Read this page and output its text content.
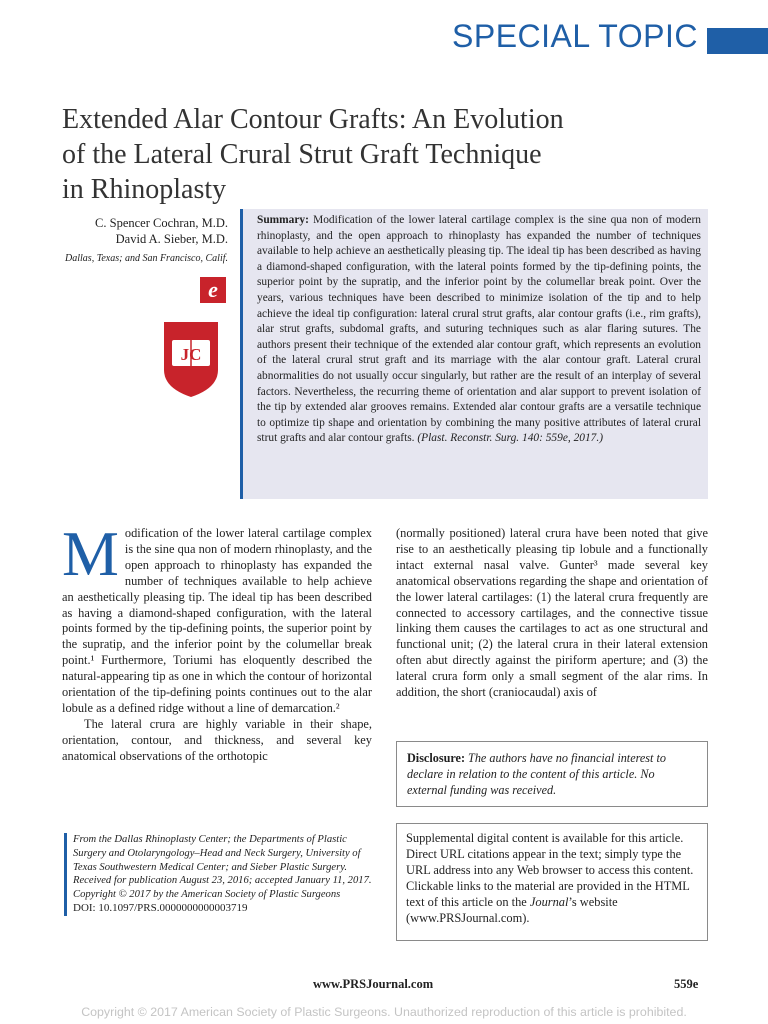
SPECIAL TOPIC
Extended Alar Contour Grafts: An Evolution
of the Lateral Crural Strut Graft Technique
in Rhinoplasty
C. Spencer Cochran, M.D.
David A. Sieber, M.D.
Dallas, Texas; and San Francisco, Calif.
e
JC
Summary: Modification of the lower lateral cartilage complex is the sine qua non of modern rhinoplasty, and the open approach to rhinoplasty has expanded the number of techniques available to help achieve an aesthetically pleasing tip. The ideal tip has been described as having a diamond-shaped configuration, with the lateral points formed by the tip-defining points, the superior point by the supratip, and the inferior point by the columellar break point. Over the years, various techniques have been described to minimize isolation of the tip and to help achieve the ideal tip configuration: lateral crural strut grafts, alar contour grafts (i.e., rim grafts), alar strut grafts, subdomal grafts, and suturing techniques such as alar flaring sutures. The authors present their technique of the extended alar contour graft, which represents an evolution of the lateral crural strut graft and its marriage with the alar contour graft. Lateral crural abnormalities do not usually occur singularly, but rather are the result of an interplay of several factors. Nevertheless, the recurring theme of orientation and alar support to prevent isolation of the tip by extended alar grooves remains. Extended alar contour grafts are a versatile technique to optimize tip shape and orientation by combining the many positive attributes of lateral crural strut grafts and alar contour grafts. (Plast. Reconstr. Surg. 140: 559e, 2017.)

Modification of the lower lateral cartilage complex is the sine qua non of modern rhinoplasty, and the open approach to rhinoplasty has expanded the number of techniques available to help achieve an aesthetically pleasing tip. The ideal tip has been described as having a diamond-shaped configuration, with the lateral points formed by the tip-defining points, the superior point by the supratip, and the inferior point by the columellar break point.¹ Furthermore, Toriumi has eloquently described the natural-appearing tip as one in which the contour of horizontal orientation of the tip-defining points continues out to the alar lobule as a defined ridge without a line of demarcation.²

The lateral crura are highly variable in their shape, orientation, contour, and thickness, and several key anatomical observations of the orthotopic

(normally positioned) lateral crura have been noted that give rise to an aesthetically pleasing tip lobule and a functionally intact external nasal valve. Gunter³ made several key anatomical observations regarding the shape and orientation of the lower lateral cartilages: (1) the lateral crura frequently are connected to accessory cartilages, and the connective tissue linking them causes the cartilages to act as one structural and functional unit; (2) the lateral crura in their lateral extension often abut directly against the piriform aperture; and (3) the lateral crura form only a small segment of the alar rims. In addition, the short (craniocaudal) axis of

Disclosure: The authors have no financial interest to declare in relation to the content of this article. No external funding was received.
Supplemental digital content is available for this article. Direct URL citations appear in the text; simply type the URL address into any Web browser to access this content. Clickable links to the material are provided in the HTML text of this article on the Journal’s website (www.PRSJournal.com).
From the Dallas Rhinoplasty Center; the Departments of Plastic Surgery and Otolaryngology–Head and Neck Surgery, University of Texas Southwestern Medical Center; and Sieber Plastic Surgery.
Received for publication August 23, 2016; accepted January 11, 2017.
Copyright © 2017 by the American Society of Plastic Surgeons
DOI: 10.1097/PRS.0000000000003719
www.PRSJournal.com	559e
Copyright © 2017 American Society of Plastic Surgeons. Unauthorized reproduction of this article is prohibited.
